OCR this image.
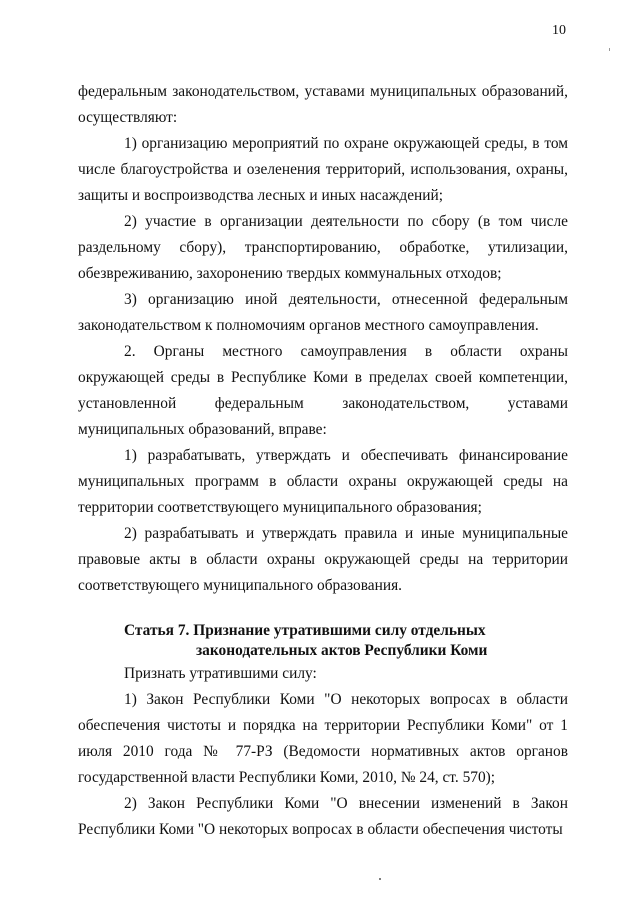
10

федеральным законодательством, уставами муниципальных образований, осуществляют:

1) организацию мероприятий по охране окружающей среды, в том числе благоустройства и озеленения территорий, использования, охраны, защиты и воспроизводства лесных и иных насаждений;

2) участие в организации деятельности по сбору (в том числе раздельному сбору), транспортированию, обработке, утилизации, обезвреживанию, захоронению твердых коммунальных отходов;

3) организацию иной деятельности, отнесенной федеральным законодательством к полномочиям органов местного самоуправления.

2. Органы местного самоуправления в области охраны окружающей среды в Республике Коми в пределах своей компетенции, установленной федеральным законодательством, уставами муниципальных образований, вправе:

1) разрабатывать, утверждать и обеспечивать финансирование муниципальных программ в области охраны окружающей среды на территории соответствующего муниципального образования;

2) разрабатывать и утверждать правила и иные муниципальные правовые акты в области охраны окружающей среды на территории соответствующего муниципального образования.

Статья 7. Признание утратившими силу отдельных
законодательных актов Республики Коми

Признать утратившими силу:

1) Закон Республики Коми "О некоторых вопросах в области обеспечения чистоты и порядка на территории Республики Коми" от 1 июля 2010 года № 77-РЗ (Ведомости нормативных актов органов государственной власти Республики Коми, 2010, № 24, ст. 570);

2) Закон Республики Коми "О внесении изменений в Закон Республики Коми "О некоторых вопросах в области обеспечения чистоты
